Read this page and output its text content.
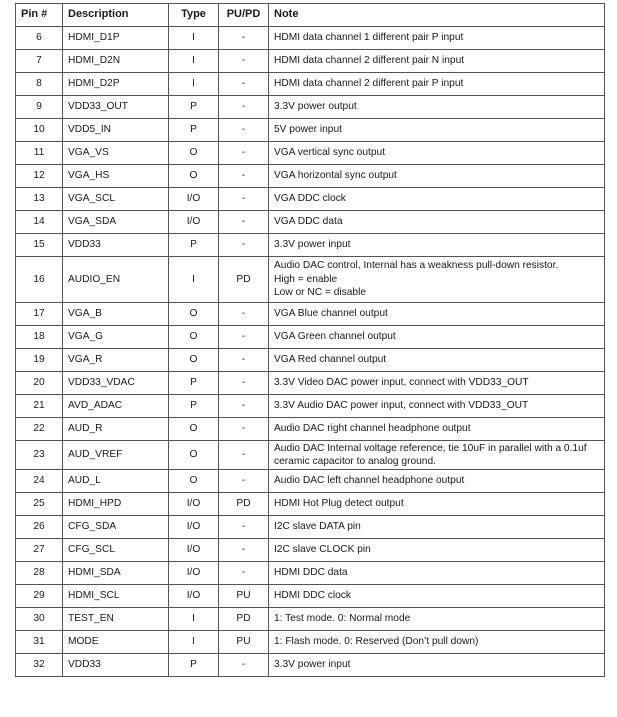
Pin #	Description	Type	PU/PD	Note
6	HDMI_D1P	I	-	HDMI data channel 1 different pair P input

7	HDMI_D2N	I	-	HDMI data channel 2 different pair N input

8	HDMI_D2P	I	-	HDMI data channel 2 different pair P input

9	VDD33_OUT	P	-	3.3V power output

10	VDD5_IN	P	-	5V power input

11	VGA_VS	O	-	VGA vertical sync output

12	VGA_HS	O	-	VGA horizontal sync output

13	VGA_SCL	I/O	-	VGA DDC clock

14	VGA_SDA	I/O	-	VGA DDC data

15	VDD33	P	-	3.3V power input

16	AUDIO_EN	I	PD	Audio DAC control, Internal has a weakness pull-down resistor.
High = enable
Low or NC = disable

17	VGA_B	O	-	VGA Blue channel output

18	VGA_G	O	-	VGA Green channel output

19	VGA_R	O	-	VGA Red channel output

20	VDD33_VDAC	P	-	3.3V Video DAC power input, connect with VDD33_OUT

21	AVD_ADAC	P	-	3.3V Audio DAC power input, connect with VDD33_OUT

22	AUD_R	O	-	Audio DAC right channel headphone output

23	AUD_VREF	O	-	Audio DAC Internal voltage reference, tie 10uF in parallel with a 0.1uf
ceramic capacitor to analog ground.

24	AUD_L	O	-	Audio DAC left channel headphone output

25	HDMI_HPD	I/O	PD	HDMI Hot Plug detect output

26	CFG_SDA	I/O	-	I2C slave DATA pin

27	CFG_SCL	I/O	-	I2C slave CLOCK pin

28	HDMI_SDA	I/O	-	HDMI DDC data

29	HDMI_SCL	I/O	PU	HDMI DDC clock

30	TEST_EN	I	PD	1: Test mode. 0: Normal mode

31	MODE	I	PU	1: Flash mode. 0: Reserved (Don’t pull down)

32	VDD33	P	-	3.3V power input
